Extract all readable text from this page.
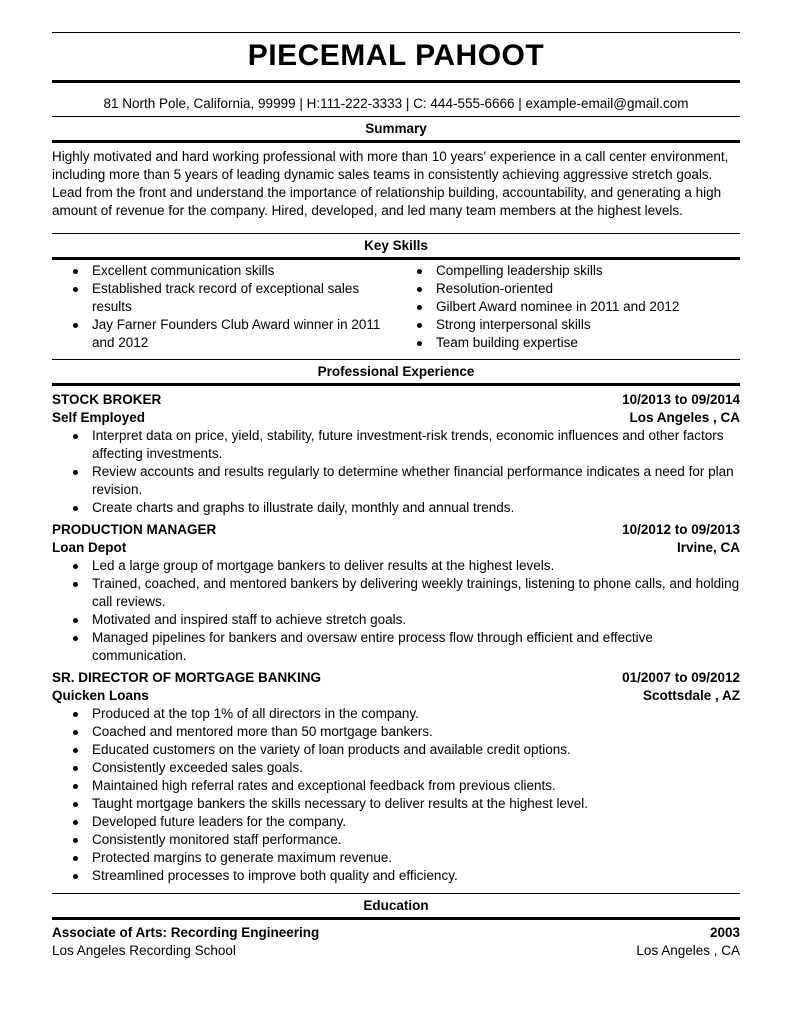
PIECEMAL PAHOOT
81 North Pole, California, 99999 | H:111-222-3333 | C: 444-555-6666 | example-email@gmail.com
Summary
Highly motivated and hard working professional with more than 10 years' experience in a call center environment, including more than 5 years of leading dynamic sales teams in consistently achieving aggressive stretch goals. Lead from the front and understand the importance of relationship building, accountability, and generating a high amount of revenue for the company. Hired, developed, and led many team members at the highest levels.
Key Skills
Excellent communication skills
Established track record of exceptional sales results
Jay Farner Founders Club Award winner in 2011 and 2012
Compelling leadership skills
Resolution-oriented
Gilbert Award nominee in 2011 and 2012
Strong interpersonal skills
Team building expertise
Professional Experience
STOCK BROKER	10/2013 to 09/2014
Self Employed	Los Angeles , CA
Interpret data on price, yield, stability, future investment-risk trends, economic influences and other factors affecting investments.
Review accounts and results regularly to determine whether financial performance indicates a need for plan revision.
Create charts and graphs to illustrate daily, monthly and annual trends.
PRODUCTION MANAGER	10/2012 to 09/2013
Loan Depot	Irvine, CA
Led a large group of mortgage bankers to deliver results at the highest levels.
Trained, coached, and mentored bankers by delivering weekly trainings, listening to phone calls, and holding call reviews.
Motivated and inspired staff to achieve stretch goals.
Managed pipelines for bankers and oversaw entire process flow through efficient and effective communication.
SR. DIRECTOR OF MORTGAGE BANKING	01/2007 to 09/2012
Quicken Loans	Scottsdale , AZ
Produced at the top 1% of all directors in the company.
Coached and mentored more than 50 mortgage bankers.
Educated customers on the variety of loan products and available credit options.
Consistently exceeded sales goals.
Maintained high referral rates and exceptional feedback from previous clients.
Taught mortgage bankers the skills necessary to deliver results at the highest level.
Developed future leaders for the company.
Consistently monitored staff performance.
Protected margins to generate maximum revenue.
Streamlined processes to improve both quality and efficiency.
Education
Associate of Arts: Recording Engineering	2003
Los Angeles Recording School	Los Angeles , CA
